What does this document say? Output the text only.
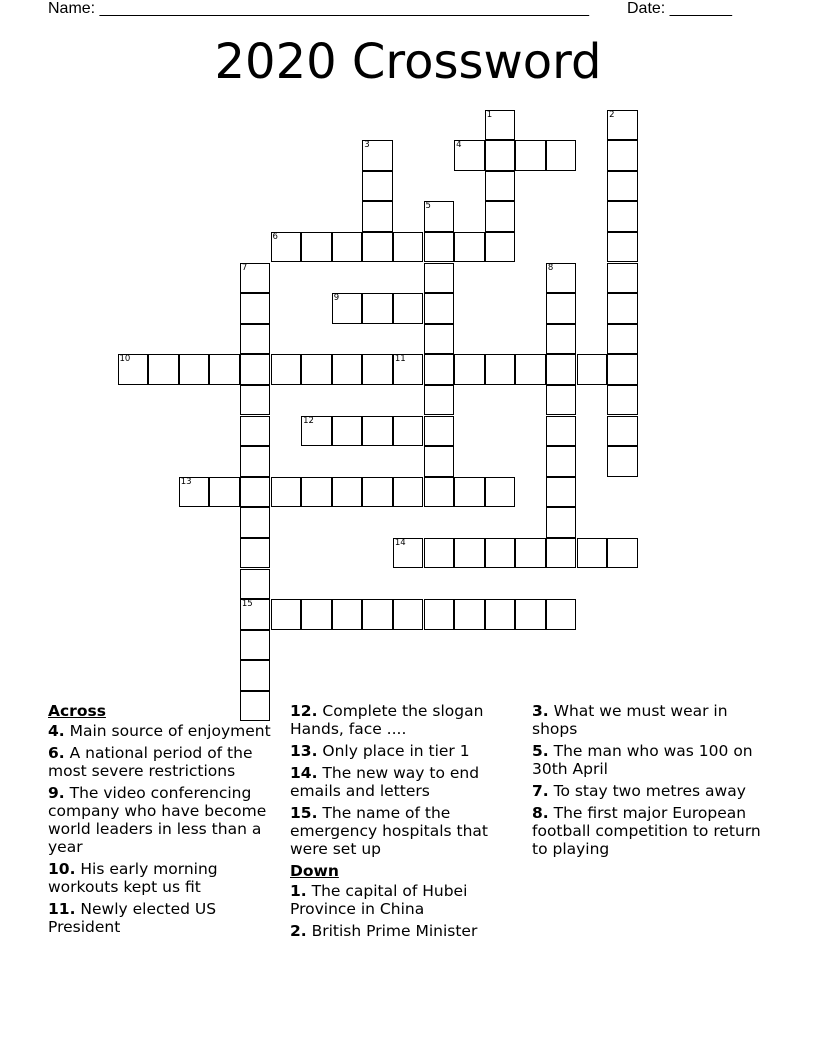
Name: _______________________________________________________ Date: _______
2020 Crossword
1	2
3	4
5
6
7
15
8
9
10	11
12
13
14
Across
4. Main source of enjoyment
6. A national period of the most severe restrictions
9. The video conferencing company who have become world leaders in less than a year
10. His early morning workouts kept us fit
11. Newly elected US President
12. Complete the slogan Hands, face ....
13. Only place in tier 1
14. The new way to end emails and letters
15. The name of the emergency hospitals that were set up
Down
1. The capital of Hubei Province in China
2. British Prime Minister
3. What we must wear in shops
5. The man who was 100 on 30th April
7. To stay two metres away
8. The first major European football competition to return to playing
